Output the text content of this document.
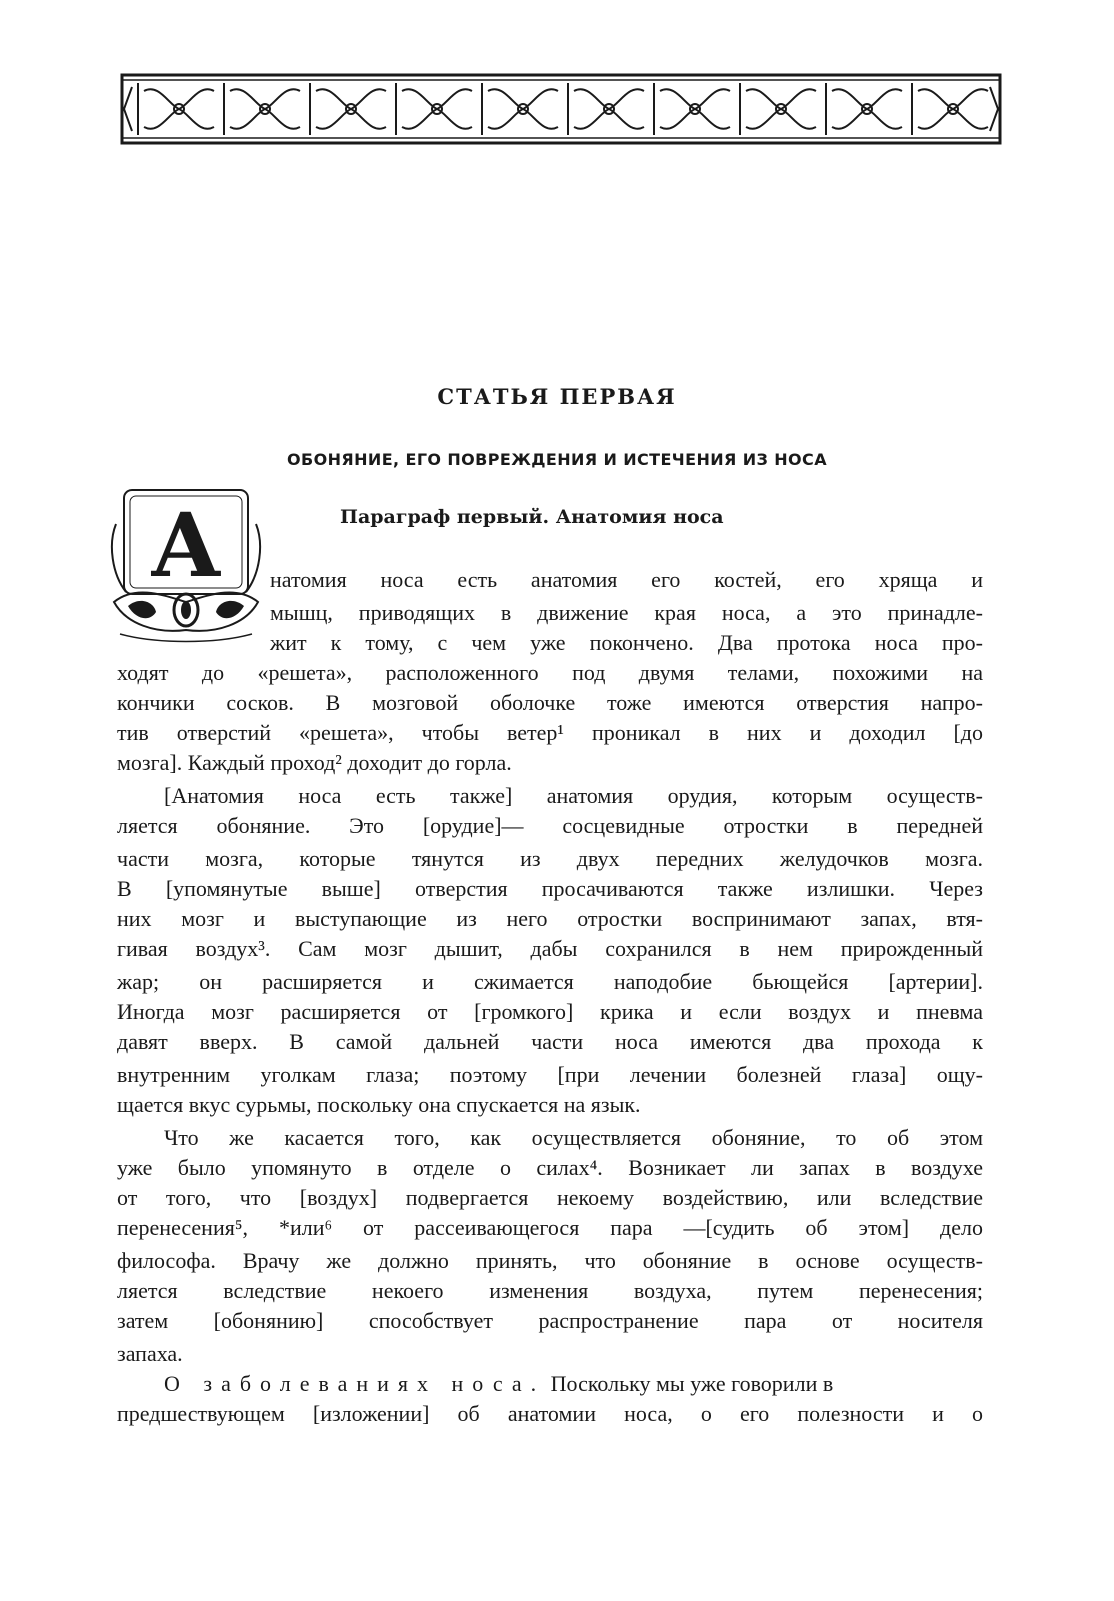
СТАТЬЯ ПЕРВАЯ
ОБОНЯНИЕ, ЕГО ПОВРЕЖДЕНИЯ И ИСТЕЧЕНИЯ ИЗ НОСА
Параграф первый. Анатомия носа
А натомия носа есть анатомия его костей, его хряща и
мышц, приводящих в движение края носа, а это принадле-
жит к тому, с чем уже покончено. Два протока носа про-
ходят до «решета», расположенного под двумя телами, похожими на
кончики сосков. В мозговой оболочке тоже имеются отверстия напро-
тив отверстий «решета», чтобы ветер¹ проникал в них и доходил [до
мозга]. Каждый проход² доходит до горла.
[Анатомия носа есть также] анатомия орудия, которым осуществ-
ляется обоняние. Это [орудие]— сосцевидные отростки в передней
части мозга, которые тянутся из двух передних желудочков мозга.
В [упомянутые выше] отверстия просачиваются также излишки. Через
них мозг и выступающие из него отростки воспринимают запах, втя-
гивая воздух³. Сам мозг дышит, дабы сохранился в нем прирожденный
жар; он расширяется и сжимается наподобие бьющейся [артерии].
Иногда мозг расширяется от [громкого] крика и если воздух и пневма
давят вверх. В самой дальней части носа имеются два прохода к
внутренним уголкам глаза; поэтому [при лечении болезней глаза] ощу-
щается вкус сурьмы, поскольку она спускается на язык.
Что же касается того, как осуществляется обоняние, то об этом
уже было упомянуто в отделе о силах⁴. Возникает ли запах в воздухе
от того, что [воздух] подвергается некоему воздействию, или вследствие
перенесения⁵, *или⁶ от рассеивающегося пара —[судить об этом] дело
философа. Врачу же должно принять, что обоняние в основе осуществ-
ляется вследствие некоего изменения воздуха, путем перенесения;
затем [обонянию] способствует распространение пара от носителя
запаха.
О заболеваниях носа. Поскольку мы уже говорили в
предшествующем [изложении] об анатомии носа, о его полезности и о
